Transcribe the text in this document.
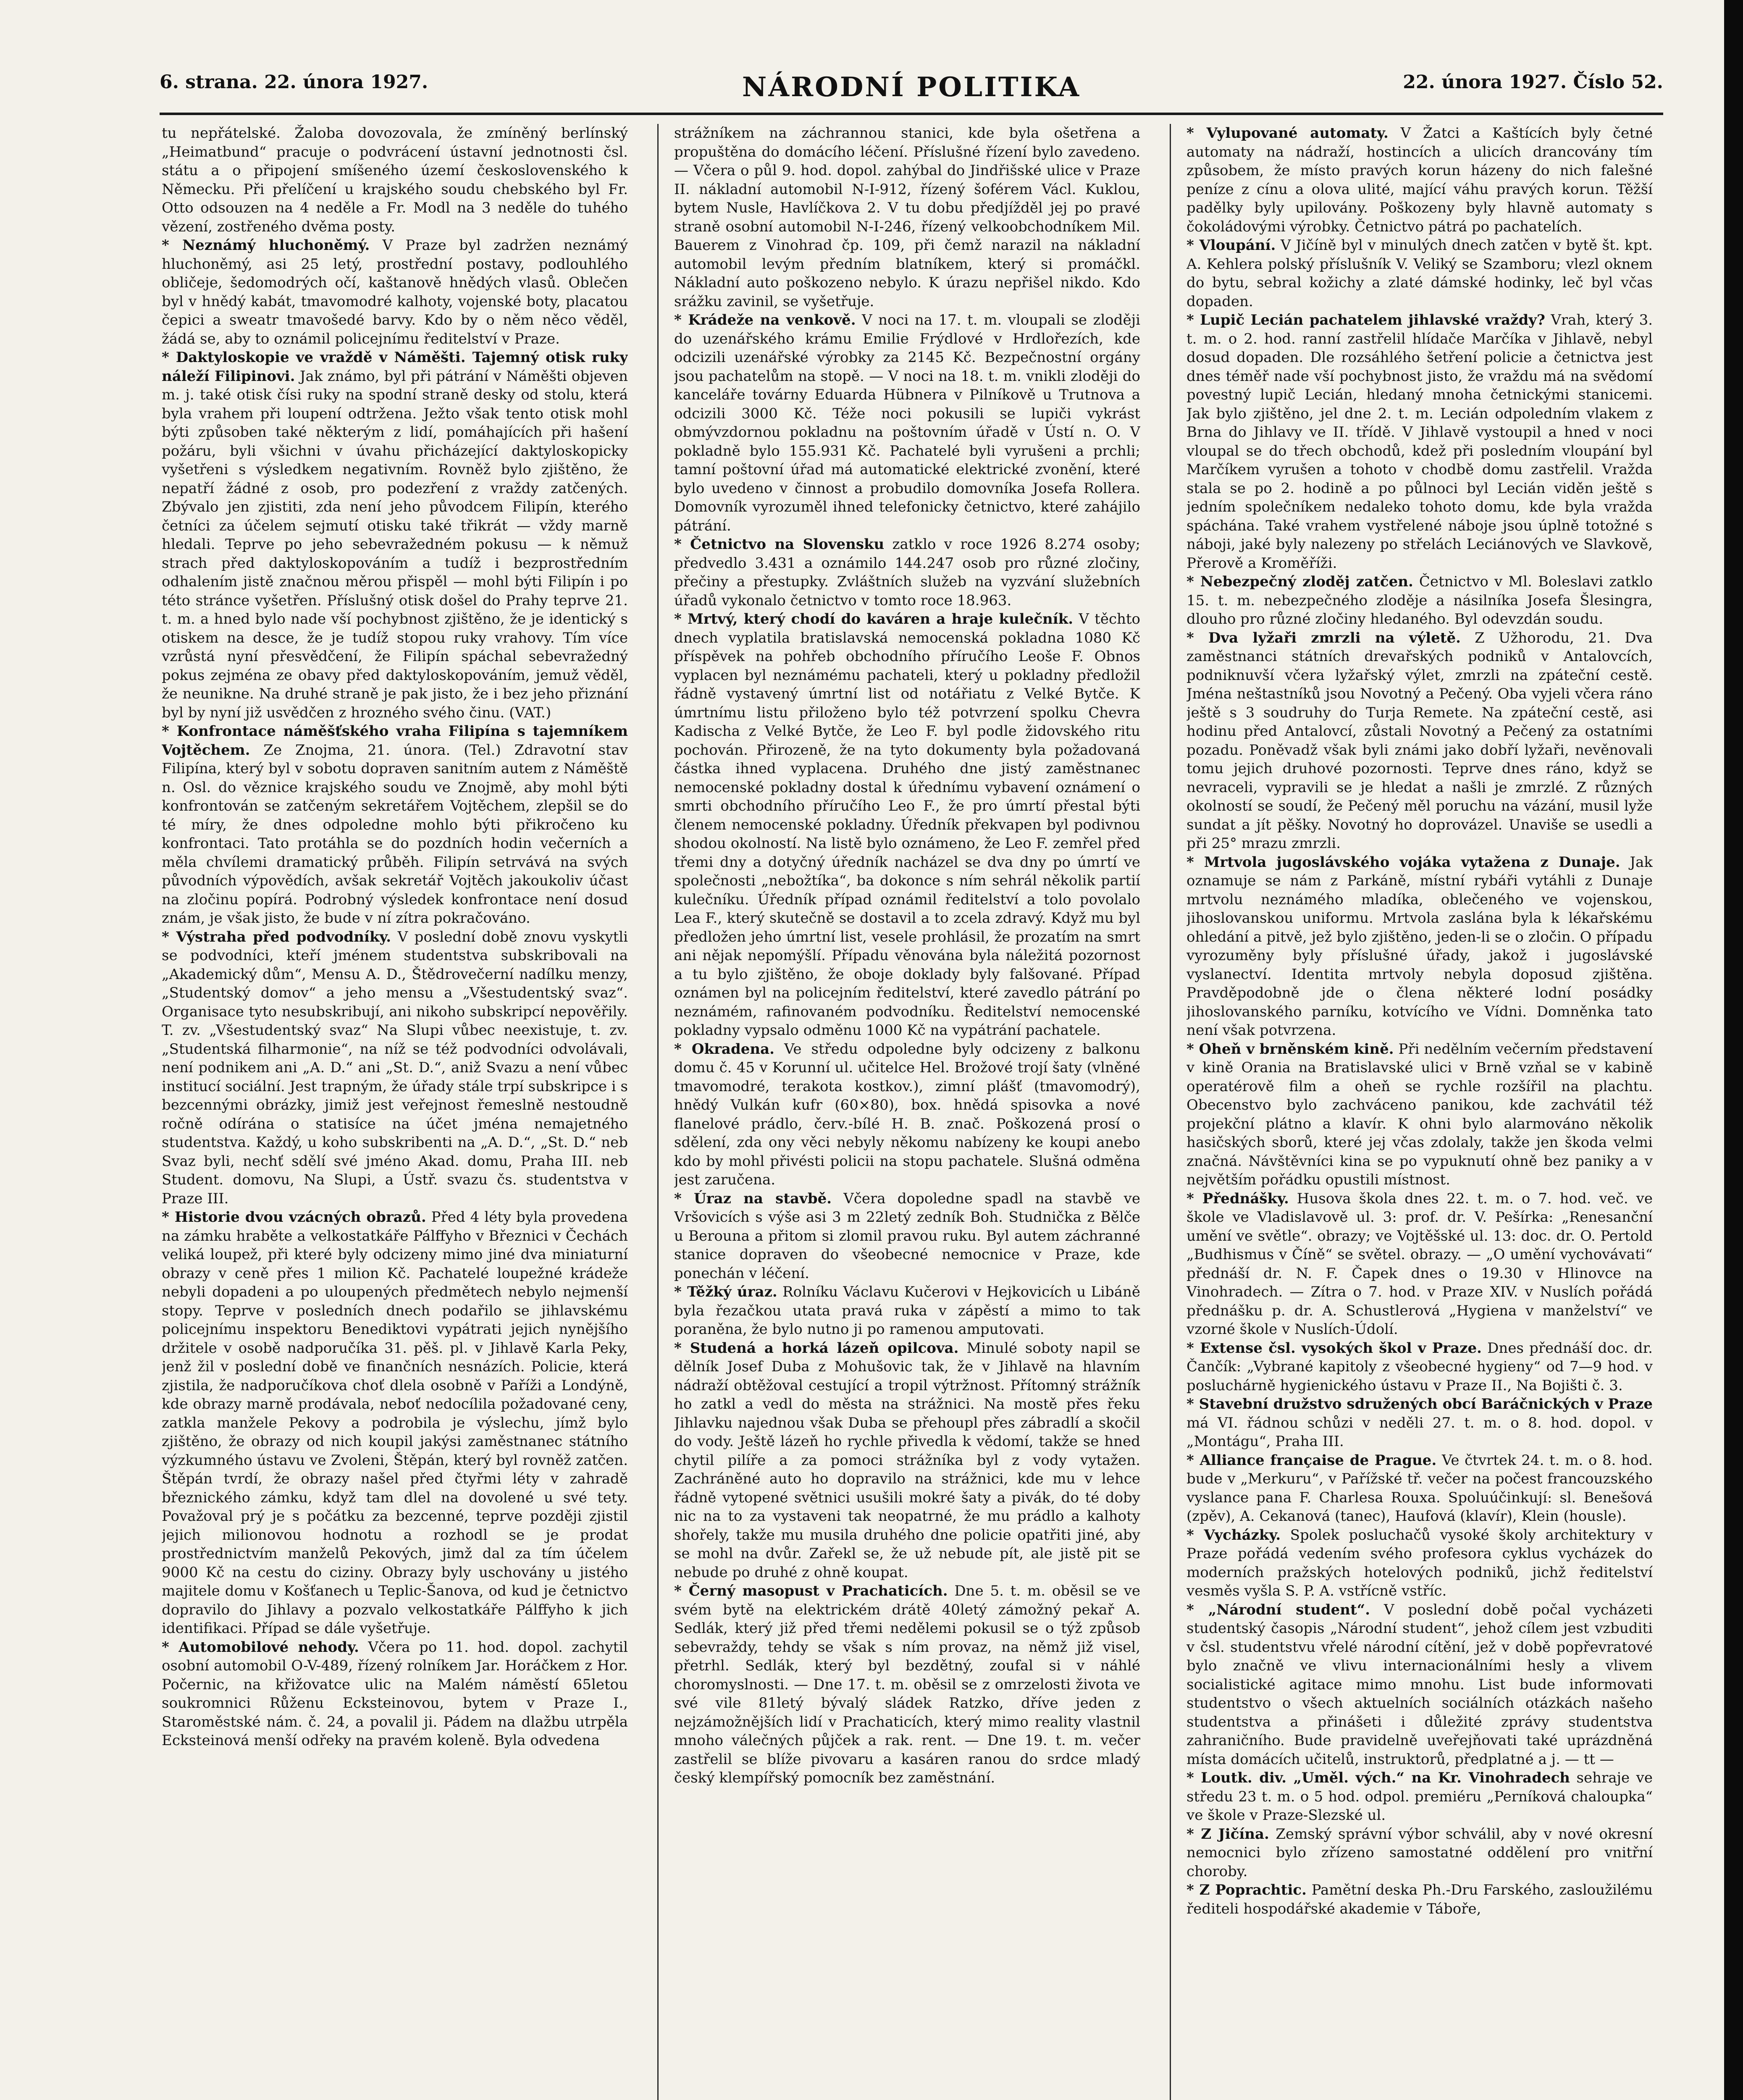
6. strana. 22. února 1927.	NÁRODNÍ POLITIKA	22. února 1927. Číslo 52.

tu nepřátelské. Žaloba dovozovala, že zmíněný berlínský „Heimatbund“ pracuje o podvrácení ústavní jednotnosti čsl. státu a o připojení smíšeného území československého k Německu. Při přelíčení u krajského soudu chebského byl Fr. Otto odsouzen na 4 neděle a Fr. Modl na 3 neděle do tuhého vězení, zostřeného dvěma posty.

* Neznámý hluchoněmý. V Praze byl zadržen neznámý hluchoněmý, asi 25 letý, prostřední postavy, podlouhlého obličeje, šedomodrých očí, kaštanově hnědých vlasů. Oblečen byl v hnědý kabát, tmavomodré kalhoty, vojenské boty, placatou čepici a sweatr tmavošedé barvy. Kdo by o něm něco věděl, žádá se, aby to oznámil policejnímu ředitelství v Praze.

* Daktyloskopie ve vraždě v Náměšti. Tajemný otisk ruky náleží Filipinovi. Jak známo, byl při pátrání v Náměšti objeven m. j. také otisk čísi ruky na spodní straně desky od stolu, která byla vrahem při loupení odtržena. Ježto však tento otisk mohl býti způsoben také některým z lidí, pomáhajících při hašení požáru, byli všichni v úvahu přicházející daktyloskopicky vyšetřeni s výsledkem negativním. Rovněž bylo zjištěno, že nepatří žádné z osob, pro podezření z vraždy zatčených. Zbývalo jen zjistiti, zda není jeho původcem Filipín, kterého četníci za účelem sejmutí otisku také třikrát — vždy marně hledali. Teprve po jeho sebevražedném pokusu — k němuž strach před daktyloskopováním a tudíž i bezprostředním odhalením jistě značnou měrou přispěl — mohl býti Filipín i po této stránce vyšetřen. Příslušný otisk došel do Prahy teprve 21. t. m. a hned bylo nade vší pochybnost zjištěno, že je identický s otiskem na desce, že je tudíž stopou ruky vrahovy. Tím více vzrůstá nyní přesvědčení, že Filipín spáchal sebevražedný pokus zejména ze obavy před daktyloskopováním, jemuž věděl, že neunikne. Na druhé straně je pak jisto, že i bez jeho přiznání byl by nyní již usvědčen z hrozného svého činu. (VAT.)

* Konfrontace náměšťského vraha Filipína s tajemníkem Vojtěchem. Ze Znojma, 21. února. (Tel.) Zdravotní stav Filipína, který byl v sobotu dopraven sanitním autem z Náměště n. Osl. do věznice krajského soudu ve Znojmě, aby mohl býti konfrontován se zatčeným sekretářem Vojtěchem, zlepšil se do té míry, že dnes odpoledne mohlo býti přikročeno ku konfrontaci. Tato protáhla se do pozdních hodin večerních a měla chvílemi dramatický průběh. Filipín setrvává na svých původních výpovědích, avšak sekretář Vojtěch jakoukoliv účast na zločinu popírá. Podrobný výsledek konfrontace není dosud znám, je však jisto, že bude v ní zítra pokračováno.

* Výstraha před podvodníky. V poslední době znovu vyskytli se podvodníci, kteří jménem studentstva subskribovali na „Akademický dům“, Mensu A. D., Štědrovečerní nadílku menzy, „Studentský domov“ a jeho mensu a „Všestudentský svaz“. Organisace tyto nesubskribují, ani nikoho subskripcí nepověřily. T. zv. „Všestudentský svaz“ Na Slupi vůbec neexistuje, t. zv. „Studentská filharmonie“, na níž se též podvodníci odvolávali, není podnikem ani „A. D.“ ani „St. D.“, aniž Svazu a není vůbec institucí sociální. Jest trapným, že úřady stále trpí subskripce i s bezcennými obrázky, jimiž jest veřejnost řemeslně nestoudně ročně odírána o statisíce na účet jména nemajetného studentstva. Každý, u koho subskribenti na „A. D.“, „St. D.“ neb Svaz byli, nechť sdělí své jméno Akad. domu, Praha III. neb Student. domovu, Na Slupi, a Ústř. svazu čs. studentstva v Praze III.

* Historie dvou vzácných obrazů. Před 4 léty byla provedena na zámku hraběte a velkostatkáře Pálffyho v Březnici v Čechách veliká loupež, při které byly odcizeny mimo jiné dva miniaturní obrazy v ceně přes 1 milion Kč. Pachatelé loupežné krádeže nebyli dopadeni a po uloupených předmětech nebylo nejmenší stopy. Teprve v posledních dnech podařilo se jihlavskému policejnímu inspektoru Benediktovi vypátrati jejich nynějšího držitele v osobě nadporučíka 31. pěš. pl. v Jihlavě Karla Peky, jenž žil v poslední době ve finančních nesnázích. Policie, která zjistila, že nadporučíkova choť dlela osobně v Paříži a Londýně, kde obrazy marně prodávala, neboť nedocílila požadované ceny, zatkla manžele Pekovy a podrobila je výslechu, jímž bylo zjištěno, že obrazy od nich koupil jakýsi zaměstnanec státního výzkumného ústavu ve Zvoleni, Štěpán, který byl rovněž zatčen. Štěpán tvrdí, že obrazy našel před čtyřmi léty v zahradě březnického zámku, když tam dlel na dovolené u své tety. Považoval prý je s počátku za bezcenné, teprve později zjistil jejich milionovou hodnotu a rozhodl se je prodat prostřednictvím manželů Pekových, jimž dal za tím účelem 9000 Kč na cestu do ciziny. Obrazy byly uschovány u jistého majitele domu v Košťanech u Teplic-Šanova, od kud je četnictvo dopravilo do Jihlavy a pozvalo velkostatkáře Pálffyho k jich identifikaci. Případ se dále vyšetřuje.

* Automobilové nehody. Včera po 11. hod. dopol. zachytil osobní automobil O-V-489, řízený rolníkem Jar. Horáčkem z Hor. Počernic, na křižovatce ulic na Malém náměstí 65letou soukromnici Růženu Ecksteinovou, bytem v Praze I., Staroměstské nám. č. 24, a povalil ji. Pádem na dlažbu utrpěla Ecksteinová menší odřeky na pravém koleně. Byla odvedena

strážníkem na záchrannou stanici, kde byla ošetřena a propuštěna do domácího léčení. Příslušné řízení bylo zavedeno. — Včera o půl 9. hod. dopol. zahýbal do Jindřišské ulice v Praze II. nákladní automobil N-I-912, řízený šoférem Václ. Kuklou, bytem Nusle, Havlíčkova 2. V tu dobu předjížděl jej po pravé straně osobní automobil N-I-246, řízený velkoobchodníkem Mil. Bauerem z Vinohrad čp. 109, při čemž narazil na nákladní automobil levým předním blatníkem, který si promáčkl. Nákladní auto poškozeno nebylo. K úrazu nepřišel nikdo. Kdo srážku zavinil, se vyšetřuje.

* Krádeže na venkově. V noci na 17. t. m. vloupali se zloději do uzenářského krámu Emilie Frýdlové v Hrdlořezích, kde odcizili uzenářské výrobky za 2145 Kč. Bezpečnostní orgány jsou pachatelům na stopě. — V noci na 18. t. m. vnikli zloději do kanceláře továrny Eduarda Hübnera v Pilníkově u Trutnova a odcizili 3000 Kč. Téže noci pokusili se lupiči vykrást obmývzdornou pokladnu na poštovním úřadě v Ústí n. O. V pokladně bylo 155.931 Kč. Pachatelé byli vyrušeni a prchli; tamní poštovní úřad má automatické elektrické zvonění, které bylo uvedeno v činnost a probudilo domovníka Josefa Rollera. Domovník vyrozuměl ihned telefonicky četnictvo, které zahájilo pátrání.

* Četnictvo na Slovensku zatklo v roce 1926 8.274 osoby; předvedlo 3.431 a oznámilo 144.247 osob pro různé zločiny, přečiny a přestupky. Zvláštních služeb na vyzvání služebních úřadů vykonalo četnictvo v tomto roce 18.963.

* Mrtvý, který chodí do kaváren a hraje kulečník. V těchto dnech vyplatila bratislavská nemocenská pokladna 1080 Kč příspěvek na pohřeb obchodního příručího Leoše F. Obnos vyplacen byl neznámému pachateli, který u pokladny předložil řádně vystavený úmrtní list od notářiatu z Velké Bytče. K úmrtnímu listu přiloženo bylo též potvrzení spolku Chevra Kadischa z Velké Bytče, že Leo F. byl podle židovského ritu pochován. Přirozeně, že na tyto dokumenty byla požadovaná částka ihned vyplacena. Druhého dne jistý zaměstnanec nemocenské pokladny dostal k úřednímu vybavení oznámení o smrti obchodního příručího Leo F., že pro úmrtí přestal býti členem nemocenské pokladny. Úředník překvapen byl podivnou shodou okolností. Na listě bylo oznámeno, že Leo F. zemřel před třemi dny a dotyčný úředník nacházel se dva dny po úmrtí ve společnosti „nebožtíka“, ba dokonce s ním sehrál několik partií kulečníku. Úředník případ oznámil ředitelství a tolo povolalo Lea F., který skutečně se dostavil a to zcela zdravý. Když mu byl předložen jeho úmrtní list, vesele prohlásil, že prozatím na smrt ani nějak nepomýšlí. Případu věnována byla náležitá pozornost a tu bylo zjištěno, že oboje doklady byly falšované. Případ oznámen byl na policejním ředitelství, které zavedlo pátrání po neznámém, rafinovaném podvodníku. Ředitelství nemocenské pokladny vypsalo odměnu 1000 Kč na vypátrání pachatele.

* Okradena. Ve středu odpoledne byly odcizeny z balkonu domu č. 45 v Korunní ul. učitelce Hel. Brožové trojí šaty (vlněné tmavomodré, terakota kostkov.), zimní plášť (tmavomodrý), hnědý Vulkán kufr (60×80), box. hnědá spisovka a nové flanelové prádlo, červ.-bílé H. B. znač. Poškozená prosí o sdělení, zda ony věci nebyly někomu nabízeny ke koupi anebo kdo by mohl přivésti policii na stopu pachatele. Slušná odměna jest zaručena.

* Úraz na stavbě. Včera dopoledne spadl na stavbě ve Vršovicích s výše asi 3 m 22letý zedník Boh. Studnička z Bělče u Berouna a přitom si zlomil pravou ruku. Byl autem záchranné stanice dopraven do všeobecné nemocnice v Praze, kde ponechán v léčení.

* Těžký úraz. Rolníku Václavu Kučerovi v Hejkovicích u Libáně byla řezačkou utata pravá ruka v zápěstí a mimo to tak poraněna, že bylo nutno ji po ramenou amputovati.

* Studená a horká lázeň opilcova. Minulé soboty napil se dělník Josef Duba z Mohušovic tak, že v Jihlavě na hlavním nádraží obtěžoval cestující a tropil výtržnost. Přítomný strážník ho zatkl a vedl do města na strážnici. Na mostě přes řeku Jihlavku najednou však Duba se přehoupl přes zábradlí a skočil do vody. Ještě lázeň ho rychle přivedla k vědomí, takže se hned chytil pilíře a za pomoci strážníka byl z vody vytažen. Zachráněné auto ho dopravilo na strážnici, kde mu v lehce řádně vytopené světnici usušili mokré šaty a pivák, do té doby nic na to za vystaveni tak neopatrné, že mu prádlo a kalhoty shořely, takže mu musila druhého dne policie opatřiti jiné, aby se mohl na dvůr. Zařekl se, že už nebude pít, ale jistě pit se nebude po druhé z ohně koupat.

* Černý masopust v Prachaticích. Dne 5. t. m. oběsil se ve svém bytě na elektrickém drátě 40letý zámožný pekař A. Sedlák, který již před třemi nedělemi pokusil se o týž způsob sebevraždy, tehdy se však s ním provaz, na němž již visel, přetrhl. Sedlák, který byl bezdětný, zoufal si v náhlé choromyslnosti. — Dne 17. t. m. oběsil se z omrzelosti života ve své vile 81letý bývalý sládek Ratzko, dříve jeden z nejzámožnějších lidí v Prachaticích, který mimo reality vlastnil mnoho válečných půjček a rak. rent. — Dne 19. t. m. večer zastřelil se blíže pivovaru a kasáren ranou do srdce mladý český klempířský pomocník bez zaměstnání.

* Vylupované automaty. V Žatci a Kaštících byly četné automaty na nádraží, hostincích a ulicích drancovány tím způsobem, že místo pravých korun házeny do nich falešné peníze z cínu a olova ulité, mající váhu pravých korun. Těžší padělky byly upilovány. Poškozeny byly hlavně automaty s čokoládovými výrobky. Četnictvo pátrá po pachatelích.

* Vloupání. V Jičíně byl v minulých dnech zatčen v bytě št. kpt. A. Kehlera polský příslušník V. Veliký se Szamboru; vlezl oknem do bytu, sebral kožichy a zlaté dámské hodinky, leč byl včas dopaden.

* Lupič Lecián pachatelem jihlavské vraždy? Vrah, který 3. t. m. o 2. hod. ranní zastřelil hlídače Marčíka v Jihlavě, nebyl dosud dopaden. Dle rozsáhlého šetření policie a četnictva jest dnes téměř nade vší pochybnost jisto, že vraždu má na svědomí povestný lupič Lecián, hledaný mnoha četnickými stanicemi. Jak bylo zjištěno, jel dne 2. t. m. Lecián odpoledním vlakem z Brna do Jihlavy ve II. třídě. V Jihlavě vystoupil a hned v noci vloupal se do třech obchodů, kdež při posledním vloupání byl Marčíkem vyrušen a tohoto v chodbě domu zastřelil. Vražda stala se po 2. hodině a po půlnoci byl Lecián viděn ještě s jedním společníkem nedaleko tohoto domu, kde byla vražda spáchána. Také vrahem vystřelené náboje jsou úplně totožné s náboji, jaké byly nalezeny po střelách Leciánových ve Slavkově, Přerově a Kroměříži.

* Nebezpečný zloděj zatčen. Četnictvo v Ml. Boleslavi zatklo 15. t. m. nebezpečného zloděje a násilníka Josefa Šlesingra, dlouho pro různé zločiny hledaného. Byl odevzdán soudu.

* Dva lyžaři zmrzli na výletě. Z Užhorodu, 21. Dva zaměstnanci státních drevařských podniků v Antalovcích, podniknuvší včera lyžařský výlet, zmrzli na zpáteční cestě. Jména neštastníků jsou Novotný a Pečený. Oba vyjeli včera ráno ještě s 3 soudruhy do Turja Remete. Na zpáteční cestě, asi hodinu před Antalovcí, zůstali Novotný a Pečený za ostatními pozadu. Poněvadž však byli známi jako dobří lyžaři, nevěnovali tomu jejich druhové pozornosti. Teprve dnes ráno, když se nevraceli, vypravili se je hledat a našli je zmrzlé. Z různých okolností se soudí, že Pečený měl poruchu na vázání, musil lyže sundat a jít pěšky. Novotný ho doprovázel. Unaviše se usedli a při 25° mrazu zmrzli.

* Mrtvola jugoslávského vojáka vytažena z Dunaje. Jak oznamuje se nám z Parkáně, místní rybáři vytáhli z Dunaje mrtvolu neznámého mladíka, oblečeného ve vojenskou, jihoslovanskou uniformu. Mrtvola zaslána byla k lékařskému ohledání a pitvě, jež bylo zjištěno, jeden-li se o zločin. O případu vyrozuměny byly příslušné úřady, jakož i jugoslávské vyslanectví. Identita mrtvoly nebyla doposud zjištěna. Pravděpodobně jde o člena některé lodní posádky jihoslovanského parníku, kotvícího ve Vídni. Domněnka tato není však potvrzena.

* Oheň v brněnském kině. Při nedělním večerním představení v kině Orania na Bratislavské ulici v Brně vzňal se v kabině operatérově film a oheň se rychle rozšířil na plachtu. Obecenstvo bylo zachváceno panikou, kde zachvátil též projekční plátno a klavír. K ohni bylo alarmováno několik hasičských sborů, které jej včas zdolaly, takže jen škoda velmi značná. Návštěvníci kina se po vypuknutí ohně bez paniky a v největším pořádku opustili místnost.

* Přednášky. Husova škola dnes 22. t. m. o 7. hod. več. ve škole ve Vladislavově ul. 3: prof. dr. V. Pešírka: „Renesanční umění ve světle“. obrazy; ve Vojtěšské ul. 13: doc. dr. O. Pertold „Budhismus v Číně“ se světel. obrazy. — „O umění vychovávati“ přednáší dr. N. F. Čapek dnes o 19.30 v Hlinovce na Vinohradech. — Zítra o 7. hod. v Praze XIV. v Nuslích pořádá přednášku p. dr. A. Schustlerová „Hygiena v manželství“ ve vzorné škole v Nuslích-Údolí.

* Extense čsl. vysokých škol v Praze. Dnes přednáší doc. dr. Čančík: „Vybrané kapitoly z všeobecné hygieny“ od 7—9 hod. v posluchárně hygienického ústavu v Praze II., Na Bojišti č. 3.

* Stavební družstvo sdružených obcí Baráčnických v Praze má VI. řádnou schůzi v neděli 27. t. m. o 8. hod. dopol. v „Montágu“, Praha III.

* Alliance française de Prague. Ve čtvrtek 24. t. m. o 8. hod. bude v „Merkuru“, v Pařížské tř. večer na počest francouzského vyslance pana F. Charlesa Rouxa. Spoluúčinkují: sl. Benešová (zpěv), A. Cekanová (tanec), Haufová (klavír), Klein (housle).

* Vycházky. Spolek posluchačů vysoké školy architektury v Praze pořádá vedením svého profesora cyklus vycházek do moderních pražských hotelových podniků, jichž ředitelství vesměs vyšla S. P. A. vstřícně vstříc.

* „Národní student“. V poslední době počal vycházeti studentský časopis „Národní student“, jehož cílem jest vzbuditi v čsl. studentstvu vřelé národní cítění, jež v době popřevratové bylo značně ve vlivu internacionálními hesly a vlivem socialistické agitace mimo mnohu. List bude informovati studentstvo o všech aktuelních sociálních otázkách našeho studentstva a přinášeti i důležité zprávy studentstva zahraničního. Bude pravidelně uveřejňovati také uprázdněná místa domácích učitelů, instruktorů, předplatné a j. — tt —

* Loutk. div. „Uměl. vých.“ na Kr. Vinohradech sehraje ve středu 23 t. m. o 5 hod. odpol. premiéru „Perníková chaloupka“ ve škole v Praze-Slezské ul.

* Z Jičína. Zemský správní výbor schválil, aby v nové okresní nemocnici bylo zřízeno samostatné oddělení pro vnitřní choroby.

* Z Poprachtic. Pamětní deska Ph.-Dru Farského, zasloužilému řediteli hospodářské akademie v Táboře,
